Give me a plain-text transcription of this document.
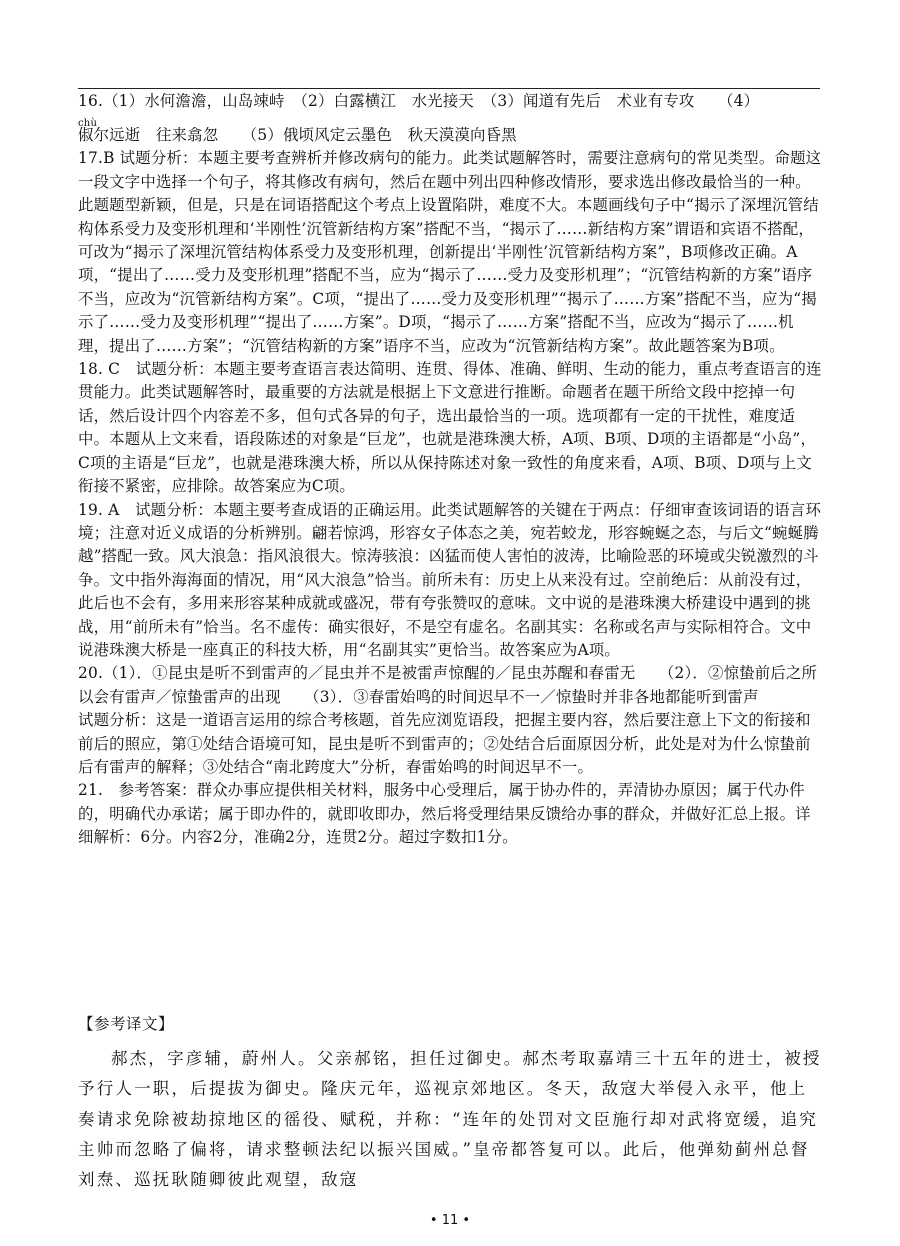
16.（1）水何澹澹，山岛竦峙　（2）白露横江　水光接天　（3）闻道有先后　术业有专攻　　（4）

chù

俶尔远逝　往来翕忽　　（5）俄顷风定云墨色　秋天漠漠向昏黑

17.B 试题分析：本题主要考查辨析并修改病句的能力。此类试题解答时，需要注意病句的常见类型。命题这一段文字中选择一个句子，将其修改有病句，然后在题中列出四种修改情形，要求选出修改最恰当的一种。此题题型新颖，但是，只是在词语搭配这个考点上设置陷阱，难度不大。本题画线句子中“揭示了深埋沉管结构体系受力及变形机理和‘半刚性’沉管新结构方案”搭配不当，“揭示了……新结构方案”谓语和宾语不搭配，可改为“揭示了深埋沉管结构体系受力及变形机理，创新提出‘半刚性’沉管新结构方案”，B项修改正确。A项，“提出了……受力及变形机理”搭配不当，应为“揭示了……受力及变形机理”；“沉管结构新的方案”语序不当，应改为“沉管新结构方案”。C项，“提出了……受力及变形机理”“揭示了……方案”搭配不当，应为“揭示了……受力及变形机理”“提出了……方案”。D项，“揭示了……方案”搭配不当，应改为“揭示了……机理，提出了……方案”；“沉管结构新的方案”语序不当，应改为“沉管新结构方案”。故此题答案为B项。

18. C　试题分析：本题主要考查语言表达简明、连贯、得体、准确、鲜明、生动的能力，重点考查语言的连贯能力。此类试题解答时，最重要的方法就是根据上下文意进行推断。命题者在题干所给文段中挖掉一句话，然后设计四个内容差不多，但句式各异的句子，选出最恰当的一项。选项都有一定的干扰性，难度适中。本题从上文来看，语段陈述的对象是“巨龙”，也就是港珠澳大桥，A项、B项、D项的主语都是“小岛”，C项的主语是“巨龙”，也就是港珠澳大桥，所以从保持陈述对象一致性的角度来看，A项、B项、D项与上文衔接不紧密，应排除。故答案应为C项。

19. A　试题分析：本题主要考查成语的正确运用。此类试题解答的关键在于两点：仔细审查该词语的语言环境；注意对近义成语的分析辨别。翩若惊鸿，形容女子体态之美，宛若蛟龙，形容蜿蜒之态，与后文“蜿蜒腾越”搭配一致。风大浪急：指风浪很大。惊涛骇浪：凶猛而使人害怕的波涛，比喻险恶的环境或尖锐激烈的斗争。文中指外海海面的情况，用“风大浪急”恰当。前所未有：历史上从来没有过。空前绝后：从前没有过，此后也不会有，多用来形容某种成就或盛况，带有夸张赞叹的意味。文中说的是港珠澳大桥建设中遇到的挑战，用“前所未有”恰当。名不虚传：确实很好，不是空有虚名。名副其实：名称或名声与实际相符合。文中说港珠澳大桥是一座真正的科技大桥，用“名副其实”更恰当。故答案应为A项。

20.（1）．①昆虫是听不到雷声的／昆虫并不是被雷声惊醒的／昆虫苏醒和春雷无　　（2）．②惊蛰前后之所以会有雷声／惊蛰雷声的出现　　（3）．③春雷始鸣的时间迟早不一／惊蛰时并非各地都能听到雷声

试题分析：这是一道语言运用的综合考核题，首先应浏览语段，把握主要内容，然后要注意上下文的衔接和前后的照应，第①处结合语境可知，昆虫是听不到雷声的；②处结合后面原因分析，此处是对为什么惊蛰前后有雷声的解释；③处结合“南北跨度大”分析，春雷始鸣的时间迟早不一。

21.　参考答案：群众办事应提供相关材料，服务中心受理后，属于协办件的，弄清协办原因；属于代办件的，明确代办承诺；属于即办件的，就即收即办，然后将受理结果反馈给办事的群众，并做好汇总上报。详细解析：6分。内容2分，准确2分，连贯2分。超过字数扣1分。

【参考译文】

郝杰，字彦辅，蔚州人。父亲郝铭，担任过御史。郝杰考取嘉靖三十五年的进士，被授予行人一职，后提拔为御史。隆庆元年，巡视京郊地区。冬天，敌寇大举侵入永平，他上奏请求免除被劫掠地区的徭役、赋税，并称：“连年的处罚对文臣施行却对武将宽缓，追究主帅而忽略了偏将，请求整顿法纪以振兴国威。”皇帝都答复可以。此后，他弹劾蓟州总督刘焘、巡抚耿随卿彼此观望，敌寇

• 11 •
